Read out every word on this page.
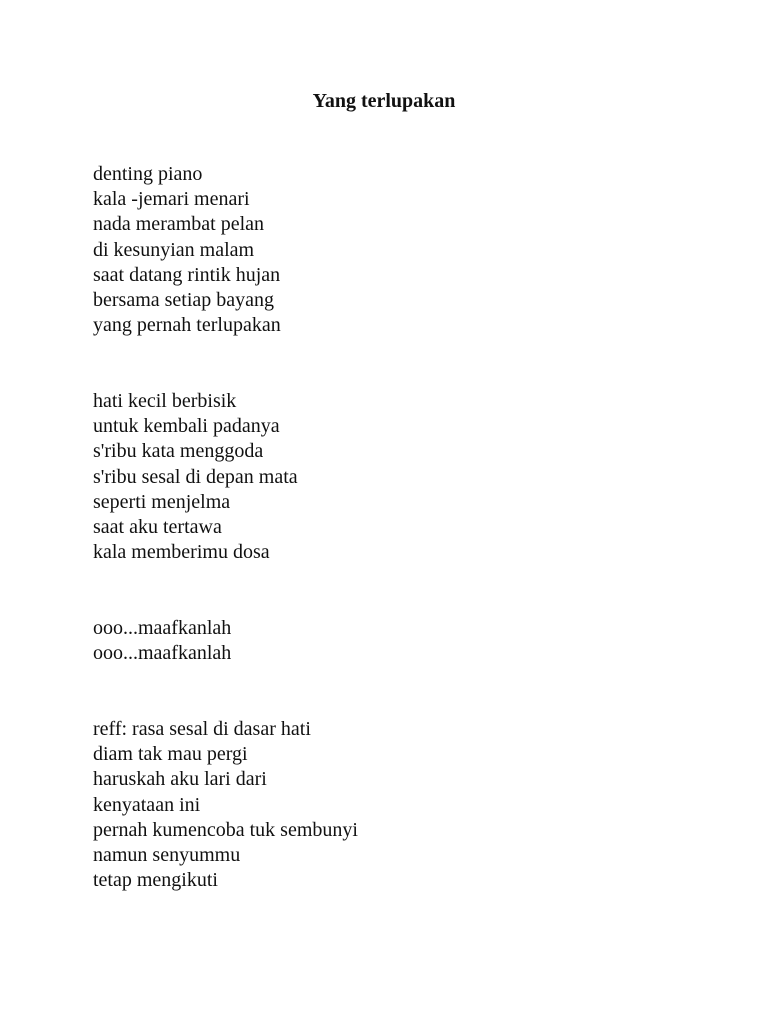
Yang terlupakan
denting piano
kala -jemari menari
nada merambat pelan
di kesunyian malam
saat datang rintik hujan
bersama setiap bayang
yang pernah terlupakan
hati kecil berbisik
untuk kembali padanya
s'ribu kata menggoda
s'ribu sesal di depan mata
seperti menjelma
saat aku tertawa
kala memberimu dosa
ooo...maafkanlah
ooo...maafkanlah
reff: rasa sesal di dasar hati
diam tak mau pergi
haruskah aku lari dari
kenyataan ini
pernah kumencoba tuk sembunyi
namun senyummu
tetap mengikuti
